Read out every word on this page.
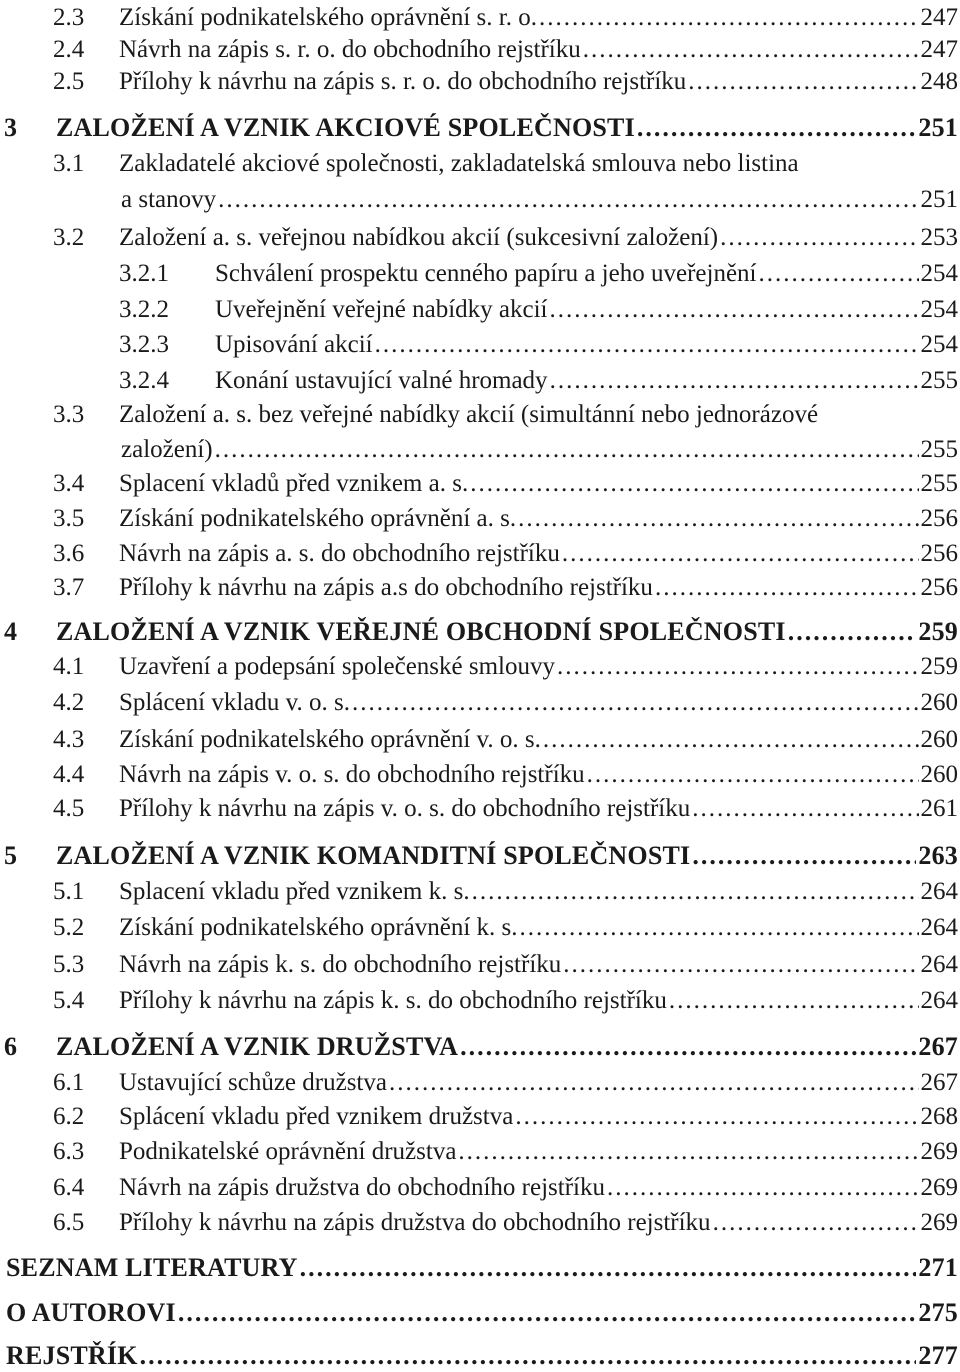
2.3	Získání podnikatelského oprávnění s. r. o. .....	247
2.4	Návrh na zápis s. r. o. do obchodního rejstříku .....	247
2.5	Přílohy k návrhu na zápis s. r. o. do obchodního rejstříku .....	248
3	ZALOŽENÍ A VZNIK AKCIOVÉ SPOLEČNOSTI .....	251
3.1	Zakladatelé akciové společnosti, zakladatelská smlouva nebo listina
a stanovy .....	251
3.2	Založení a. s. veřejnou nabídkou akcií (sukcesivní založení) .....	253
3.2.1	Schválení prospektu cenného papíru a jeho uveřejnění .....	254
3.2.2	Uveřejnění veřejné nabídky akcií .....	254
3.2.3	Upisování akcií .....	254
3.2.4	Konání ustavující valné hromady .....	255
3.3	Založení a. s. bez veřejné nabídky akcií (simultánní nebo jednorázové
založení) .....	255
3.4	Splacení vkladů před vznikem a. s. .....	255
3.5	Získání podnikatelského oprávnění a. s. .....	256
3.6	Návrh na zápis a. s. do obchodního rejstříku .....	256
3.7	Přílohy k návrhu na zápis a.s do obchodního rejstříku .....	256
4	ZALOŽENÍ A VZNIK VEŘEJNÉ OBCHODNÍ SPOLEČNOSTI .....	259
4.1	Uzavření a podepsání společenské smlouvy .....	259
4.2	Splácení vkladu v. o. s. .....	260
4.3	Získání podnikatelského oprávnění v. o. s. .....	260
4.4	Návrh na zápis v. o. s. do obchodního rejstříku .....	260
4.5	Přílohy k návrhu na zápis v. o. s. do obchodního rejstříku .....	261
5	ZALOŽENÍ A VZNIK KOMANDITNÍ SPOLEČNOSTI .....	263
5.1	Splacení vkladu před vznikem k. s. .....	264
5.2	Získání podnikatelského oprávnění k. s. .....	264
5.3	Návrh na zápis k. s. do obchodního rejstříku .....	264
5.4	Přílohy k návrhu na zápis k. s. do obchodního rejstříku .....	264
6	ZALOŽENÍ A VZNIK DRUŽSTVA .....	267
6.1	Ustavující schůze družstva .....	267
6.2	Splácení vkladu před vznikem družstva .....	268
6.3	Podnikatelské oprávnění družstva .....	269
6.4	Návrh na zápis družstva do obchodního rejstříku .....	269
6.5	Přílohy k návrhu na zápis družstva do obchodního rejstříku .....	269
SEZNAM LITERATURY .....	271
O AUTOROVI .....	275
REJSTŘÍK .....	277
